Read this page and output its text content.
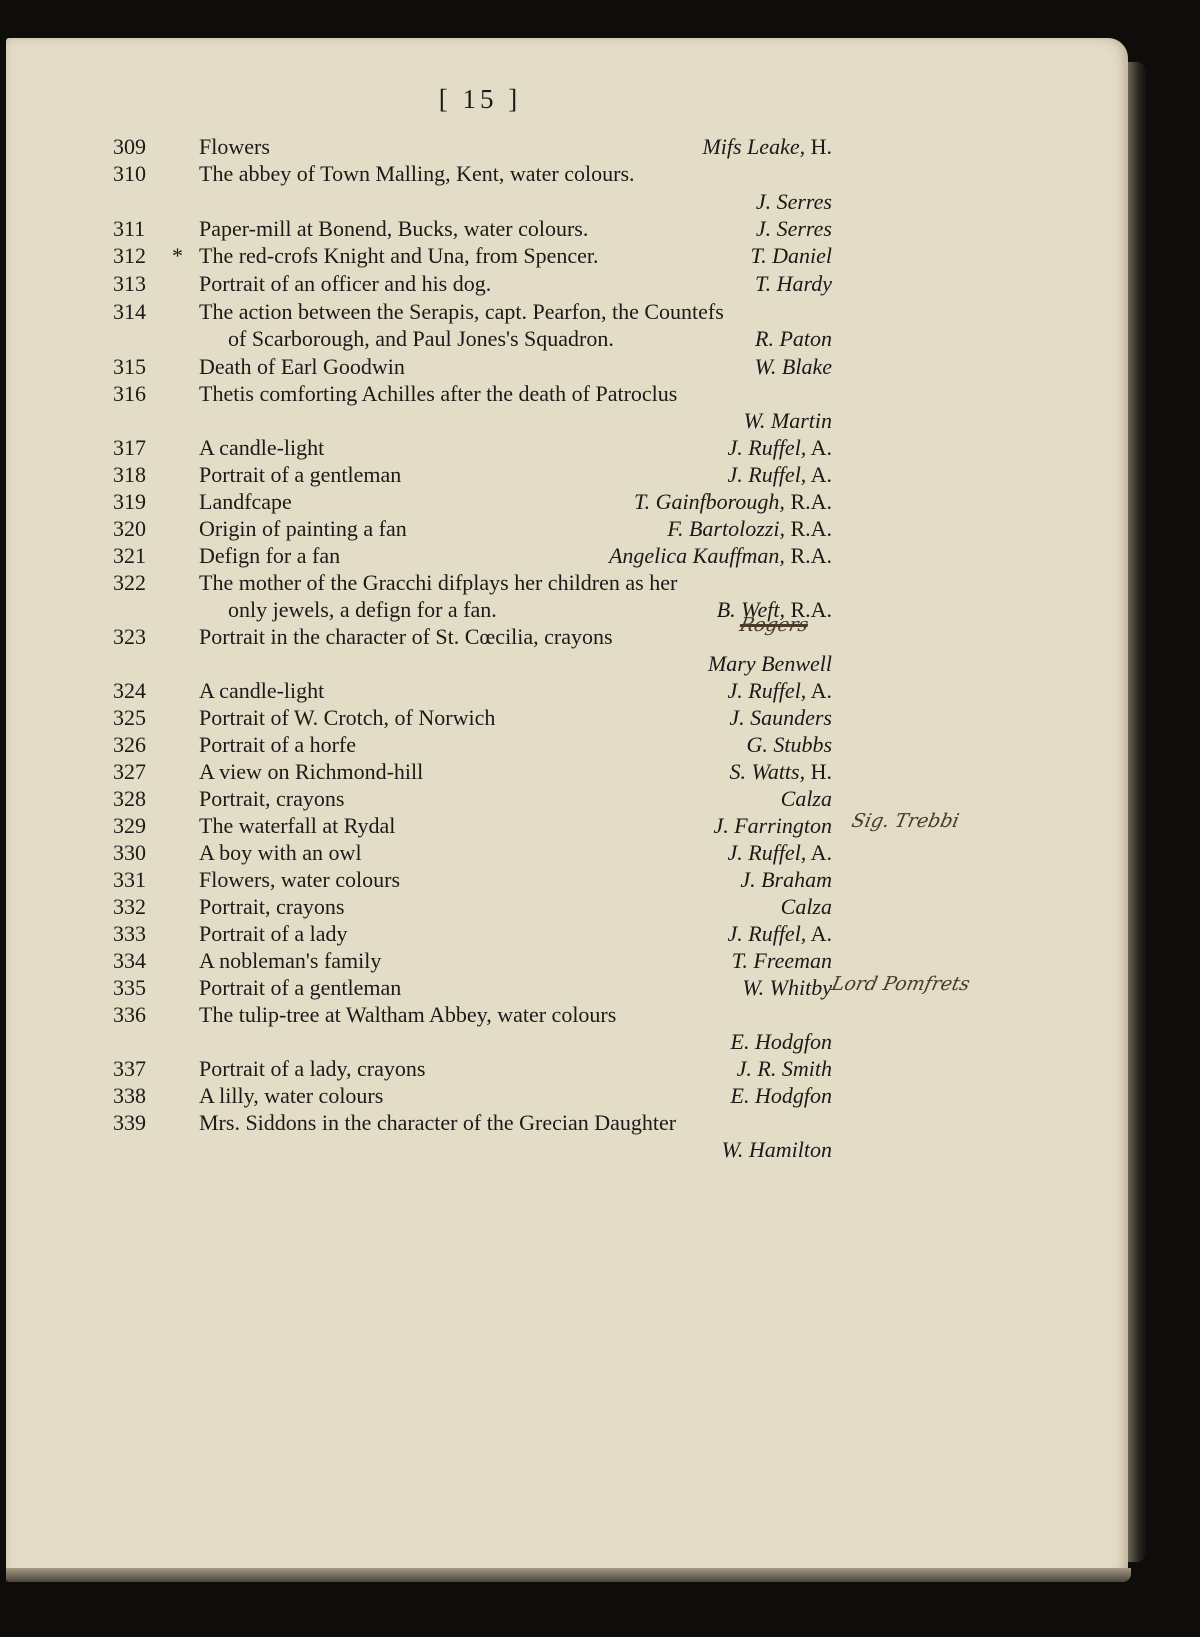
[ 15 ]
309	Flowers	Mifs Leake, H.
310	The abbey of Town Malling, Kent, water colours.
J. Serres
311	Paper-mill at Bonend, Bucks, water colours.	J. Serres
312	* The red-crofs Knight and Una, from Spencer.	T. Daniel
313	Portrait of an officer and his dog.	T. Hardy
314	The action between the Serapis, capt. Pearfon, the Countefs
of Scarborough, and Paul Jones's Squadron.	R. Paton
315	Death of Earl Goodwin	W. Blake
316	Thetis comforting Achilles after the death of Patroclus
W. Martin
317	A candle-light	J. Ruffel, A.
318	Portrait of a gentleman	J. Ruffel, A.
319	Landfcape	T. Gainfborough, R.A.
320	Origin of painting a fan	F. Bartolozzi, R.A.
321	Defign for a fan	Angelica Kauffman, R.A.
322	The mother of the Gracchi difplays her children as her
only jewels, a defign for a fan.	B. Weft, R.A.
323	Portrait in the character of St. Cœcilia, crayons
Mary Benwell
324	A candle-light	J. Ruffel, A.
325	Portrait of W. Crotch, of Norwich	J. Saunders
326	Portrait of a horfe	G. Stubbs
327	A view on Richmond-hill	S. Watts, H.
328	Portrait, crayons	Calza
329	The waterfall at Rydal	J. Farrington
330	A boy with an owl	J. Ruffel, A.
331	Flowers, water colours	J. Braham
332	Portrait, crayons	Calza
333	Portrait of a lady	J. Ruffel, A.
334	A nobleman's family	T. Freeman
335	Portrait of a gentleman	W. Whitby
336	The tulip-tree at Waltham Abbey, water colours
E. Hodgfon
337	Portrait of a lady, crayons	J. R. Smith
338	A lilly, water colours	E. Hodgfon
339	Mrs. Siddons in the character of the Grecian Daughter
W. Hamilton
Rogers
Sig. Trebbi
Lord Pomfrets
